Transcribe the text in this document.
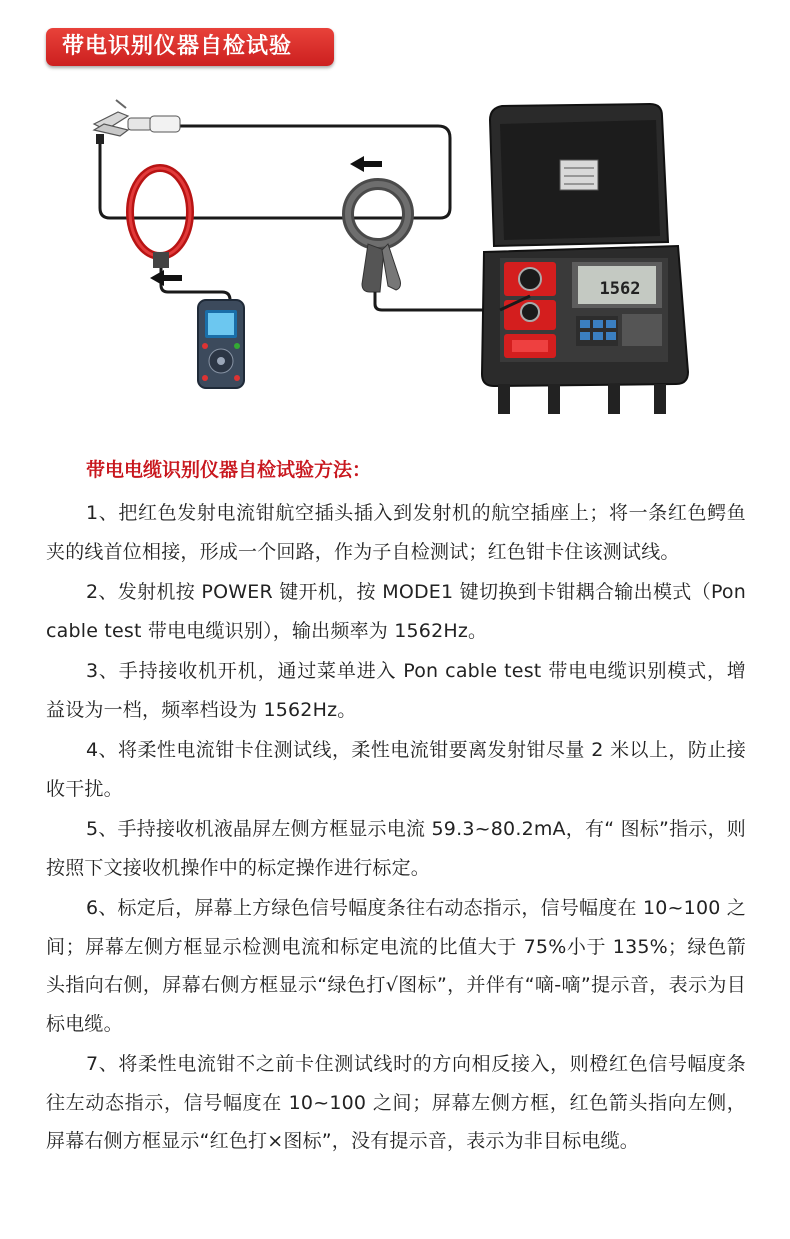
带电识别仪器自检试验
1562
带电电缆识别仪器自检试验方法：

1、把红色发射电流钳航空插头插入到发射机的航空插座上；将一条红色鳄鱼夹的线首位相接，形成一个回路，作为子自检测试；红色钳卡住该测试线。

2、发射机按 POWER 键开机，按 MODE1 键切换到卡钳耦合输出模式（Pon cable test 带电电缆识别），输出频率为 1562Hz。

3、手持接收机开机，通过菜单进入 Pon cable test 带电电缆识别模式，增益设为一档，频率档设为 1562Hz。

4、将柔性电流钳卡住测试线，柔性电流钳要离发射钳尽量 2 米以上，防止接收干扰。

5、手持接收机液晶屏左侧方框显示电流 59.3~80.2mA，有“ 图标”指示，则按照下文接收机操作中的标定操作进行标定。

6、标定后，屏幕上方绿色信号幅度条往右动态指示，信号幅度在 10~100 之间；屏幕左侧方框显示检测电流和标定电流的比值大于 75%小于 135%；绿色箭头指向右侧，屏幕右侧方框显示“绿色打√图标”，并伴有“嘀-嘀”提示音，表示为目标电缆。

7、将柔性电流钳不之前卡住测试线时的方向相反接入，则橙红色信号幅度条往左动态指示，信号幅度在 10~100 之间；屏幕左侧方框，红色箭头指向左侧，屏幕右侧方框显示“红色打×图标”，没有提示音，表示为非目标电缆。
